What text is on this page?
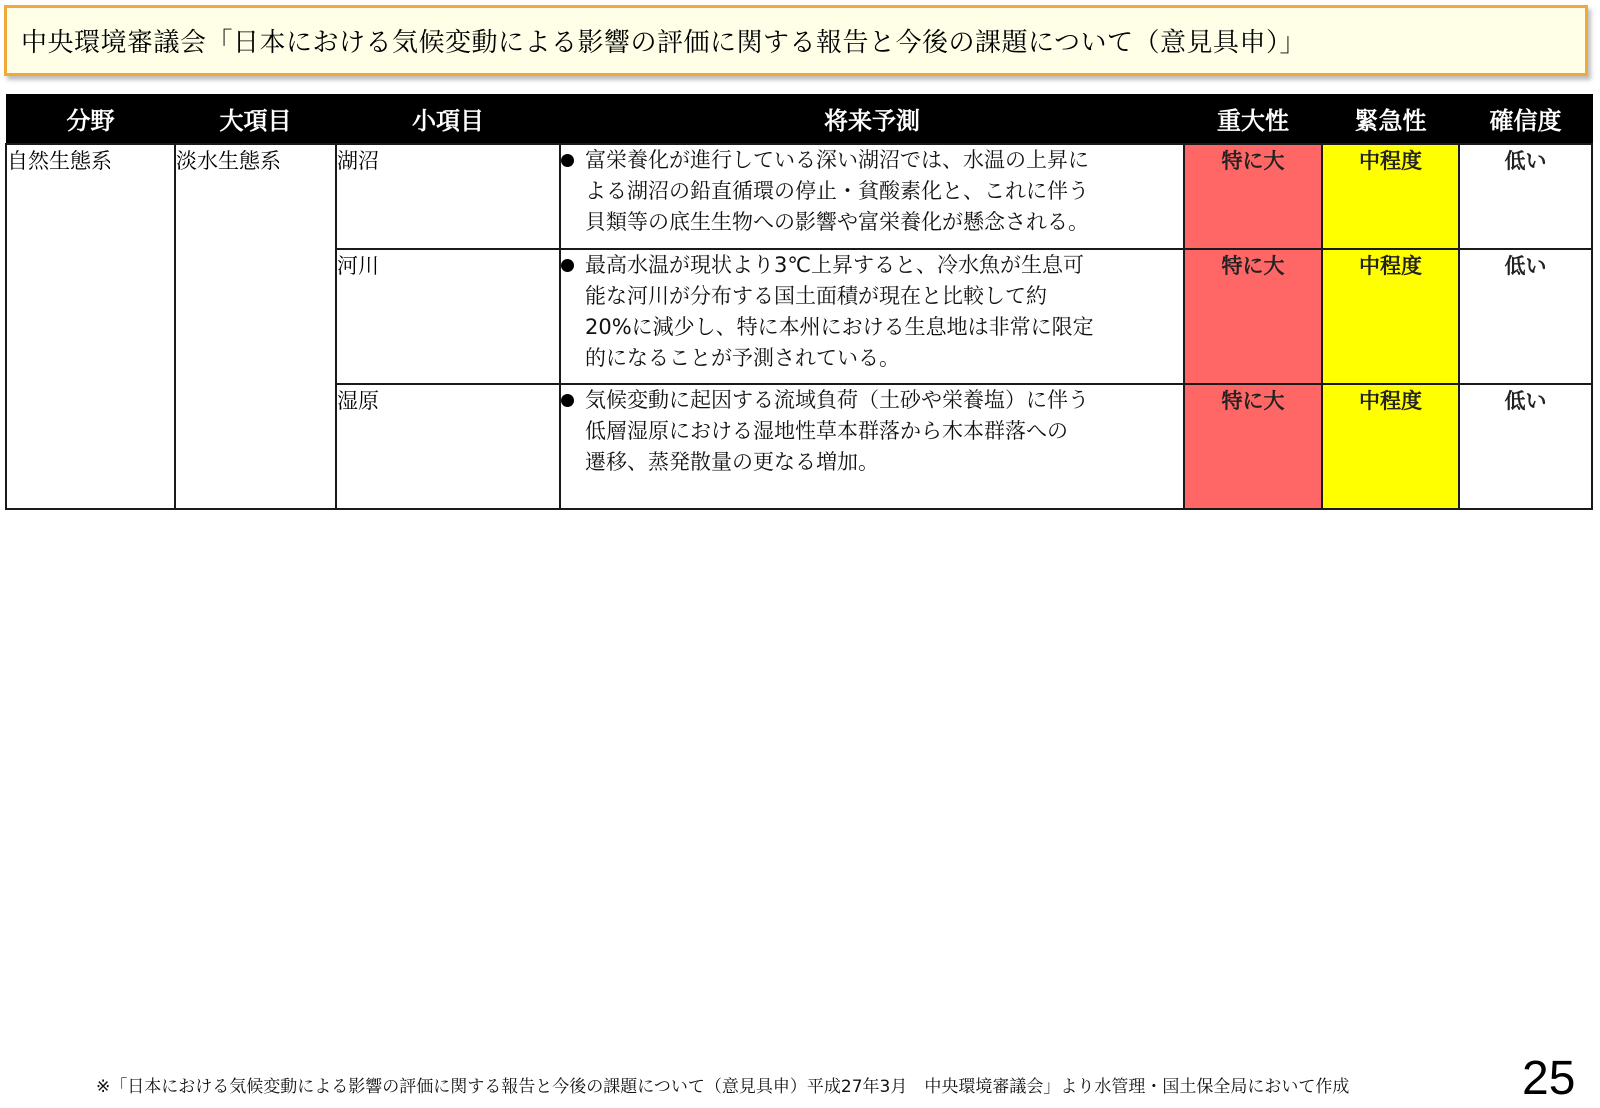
中央環境審議会「日本における気候変動による影響の評価に関する報告と今後の課題について（意見具申）」
分野	大項目	小項目	将来予測	重大性	緊急性	確信度
自然生態系	淡水生態系	湖沼	富栄養化が進行している深い湖沼では、水温の上昇に
よる湖沼の鉛直循環の停止・貧酸素化と、これに伴う
貝類等の底生生物への影響や富栄養化が懸念される。	特に大	中程度	低い
		河川	最高水温が現状より3℃上昇すると、冷水魚が生息可
能な河川が分布する国土面積が現在と比較して約
20%に減少し、特に本州における生息地は非常に限定
的になることが予測されている。	特に大	中程度	低い
		湿原	気候変動に起因する流域負荷（土砂や栄養塩）に伴う
低層湿原における湿地性草本群落から木本群落への
遷移、蒸発散量の更なる増加。	特に大	中程度	低い
※「日本における気候変動による影響の評価に関する報告と今後の課題について（意見具申）平成27年3月　中央環境審議会」より水管理・国土保全局において作成	25
